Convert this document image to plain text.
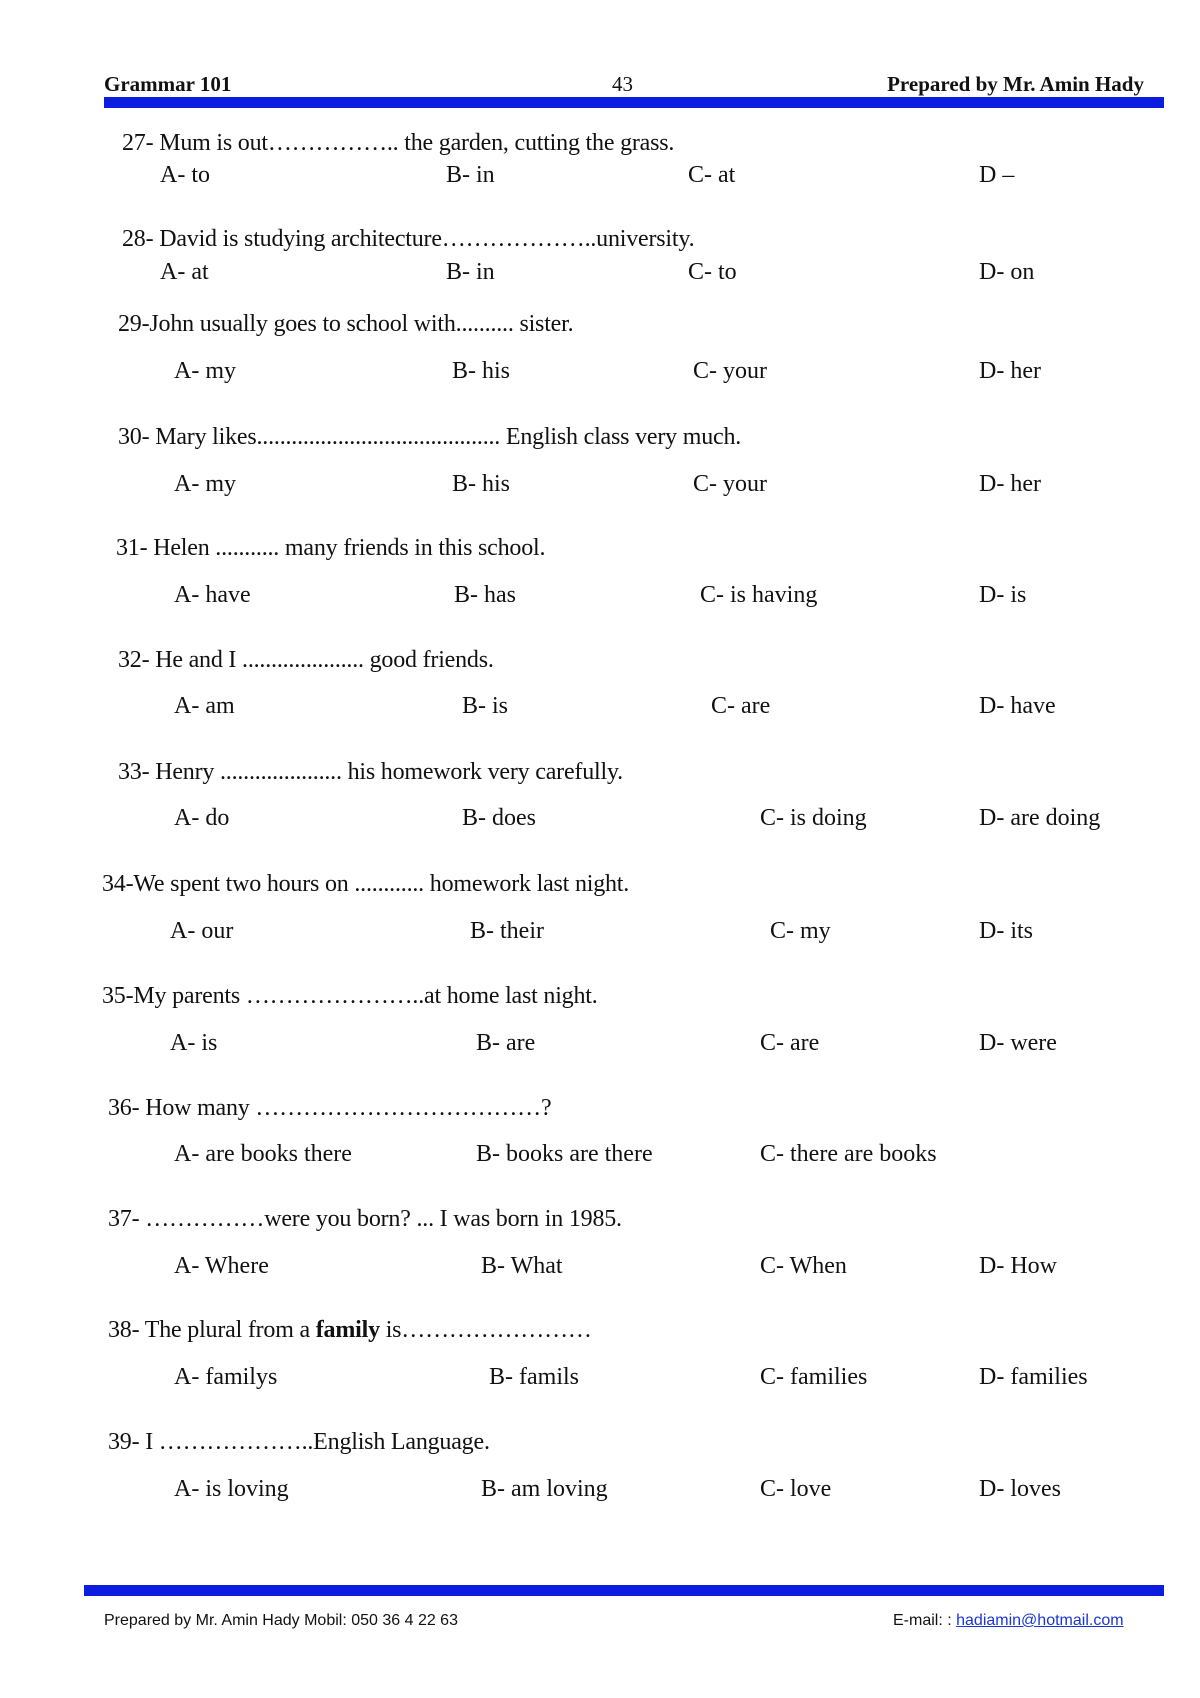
Grammar 101	43	Prepared by Mr. Amin Hady
27- Mum is out…………….. the garden, cutting the grass.
A- to	B- in	C- at	D –
28- David is studying architecture………………..university.
A- at	B- in	C- to	D- on
29-John usually goes to school with.......... sister.
A- my	B- his	C- your	D- her
30- Mary likes.......................................... English class very much.
A- my	B- his	C- your	D- her
31- Helen ........... many friends in this school.
A- have	B- has	C- is having	D- is
32- He and I ..................... good friends.
A- am	B- is	C- are	D- have
33- Henry ..................... his homework very carefully.
A- do	B- does	C- is doing	D- are doing
34-We spent two hours on ............ homework last night.
A- our	B- their	C- my	D- its
35-My parents …………………..at home last night.
A- is	B- are	C- are	D- were
36- How many ………………………………?
A- are books there	B- books are there	C- there are books
37- ……………were you born? ... I was born in 1985.
A- Where	B- What	C- When	D- How
38- The plural from a family is……………………
A- familys	B- famils	C- families	D- families
39- I ………………..English Language.
A- is loving	B- am loving	C- love	D- loves
Prepared by Mr. Amin Hady Mobil: 050 36 4 22 63	E-mail: : hadiamin@hotmail.com
